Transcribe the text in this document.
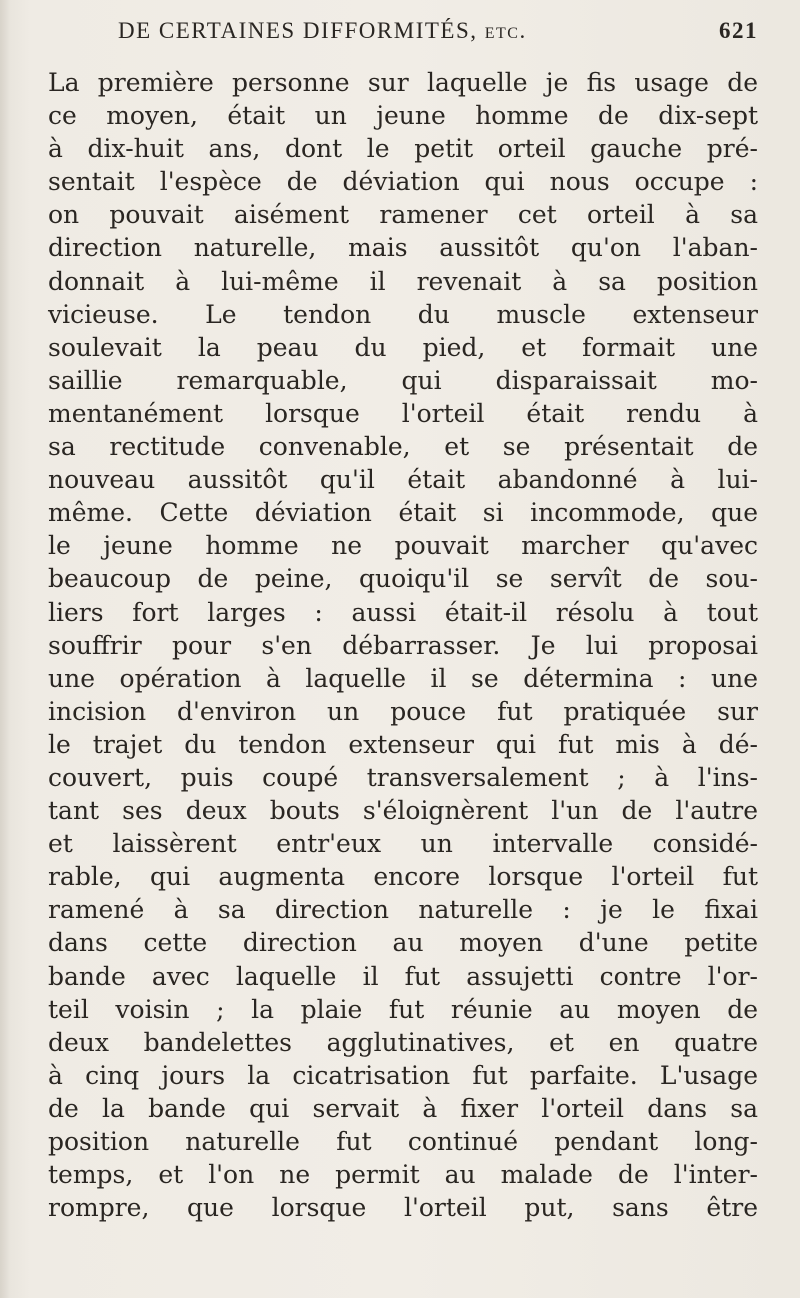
DE CERTAINES DIFFORMITÉS, etc.	621
La première personne sur laquelle je fis usage de
ce moyen, était un jeune homme de dix-sept
à dix-huit ans, dont le petit orteil gauche pré-
sentait l'espèce de déviation qui nous occupe :
on pouvait aisément ramener cet orteil à sa
direction naturelle, mais aussitôt qu'on l'aban-
donnait à lui-même il revenait à sa position
vicieuse. Le tendon du muscle extenseur
soulevait la peau du pied, et formait une
saillie remarquable, qui disparaissait mo-
mentanément lorsque l'orteil était rendu à
sa rectitude convenable, et se présentait de
nouveau aussitôt qu'il était abandonné à lui-
même. Cette déviation était si incommode, que
le jeune homme ne pouvait marcher qu'avec
beaucoup de peine, quoiqu'il se servît de sou-
liers fort larges : aussi était-il résolu à tout
souffrir pour s'en débarrasser. Je lui proposai
une opération à laquelle il se détermina : une
incision d'environ un pouce fut pratiquée sur
le trajet du tendon extenseur qui fut mis à dé-
couvert, puis coupé transversalement ; à l'ins-
tant ses deux bouts s'éloignèrent l'un de l'autre
et laissèrent entr'eux un intervalle considé-
rable, qui augmenta encore lorsque l'orteil fut
ramené à sa direction naturelle : je le fixai
dans cette direction au moyen d'une petite
bande avec laquelle il fut assujetti contre l'or-
teil voisin ; la plaie fut réunie au moyen de
deux bandelettes agglutinatives, et en quatre
à cinq jours la cicatrisation fut parfaite. L'usage
de la bande qui servait à fixer l'orteil dans sa
position naturelle fut continué pendant long-
temps, et l'on ne permit au malade de l'inter-
rompre, que lorsque l'orteil put, sans être
